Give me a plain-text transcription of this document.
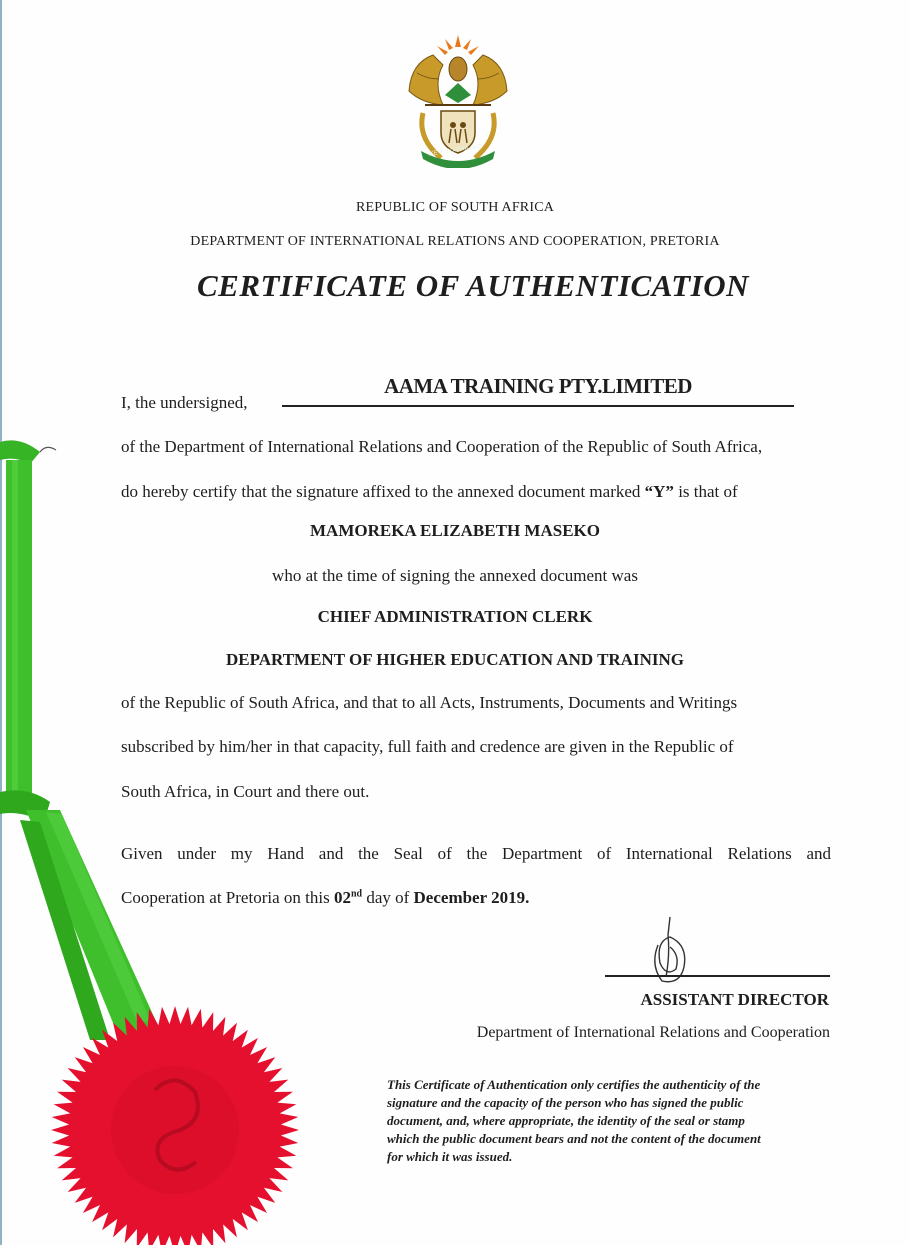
!KE E: /XARRA //KE
REPUBLIC OF SOUTH AFRICA
DEPARTMENT OF INTERNATIONAL RELATIONS AND COOPERATION, PRETORIA
CERTIFICATE OF AUTHENTICATION
I, the undersigned,
AAMA TRAINING PTY.LIMITED
of the Department of International Relations and Cooperation of the Republic of South Africa,
do hereby certify that the signature affixed to the annexed document marked “Y” is that of
MAMOREKA ELIZABETH MASEKO
who at the time of signing the annexed document was
CHIEF ADMINISTRATION CLERK
DEPARTMENT OF HIGHER EDUCATION AND TRAINING
of the Republic of South Africa, and that to all Acts, Instruments, Documents and Writings
subscribed by him/her in that capacity, full faith and credence are given in the Republic of
South Africa, in Court and there out.
Given under my Hand and the Seal of the Department of International Relations and
Cooperation at Pretoria on this 02nd day of December 2019.
ASSISTANT DIRECTOR
Department of International Relations and Cooperation
This Certificate of Authentication only certifies the authenticity of the
signature and the capacity of the person who has signed the public
document, and, where appropriate, the identity of the seal or stamp
which the public document bears and not the content of the document
for which it was issued.
